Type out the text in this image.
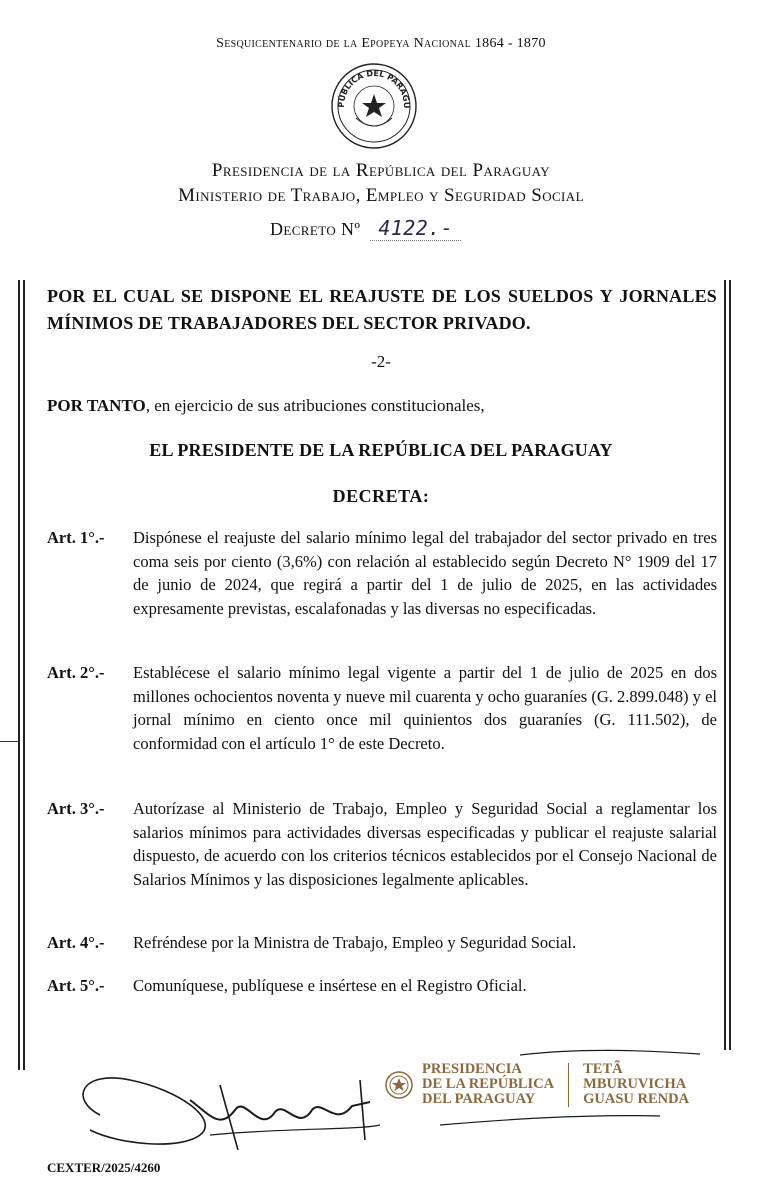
Sesquicentenario de la Epopeya Nacional 1864 - 1870
PÚBLICA DEL PARAGU
Presidencia de la República del Paraguay
Ministerio de Trabajo, Empleo y Seguridad Social
Decreto Nº 4122.-
POR EL CUAL SE DISPONE EL REAJUSTE DE LOS SUELDOS Y JORNALES MÍNIMOS DE TRABAJADORES DEL SECTOR PRIVADO.
-2-
POR TANTO, en ejercicio de sus atribuciones constitucionales,
EL PRESIDENTE DE LA REPÚBLICA DEL PARAGUAY
DECRETA:
Art. 1°.-	Dispónese el reajuste del salario mínimo legal del trabajador del sector privado en tres coma seis por ciento (3,6%) con relación al establecido según Decreto N° 1909 del 17 de junio de 2024, que regirá a partir del 1 de julio de 2025, en las actividades expresamente previstas, escalafonadas y las diversas no especificadas.
Art. 2°.-	Establécese el salario mínimo legal vigente a partir del 1 de julio de 2025 en dos millones ochocientos noventa y nueve mil cuarenta y ocho guaraníes (G. 2.899.048) y el jornal mínimo en ciento once mil quinientos dos guaraníes (G. 111.502), de conformidad con el artículo 1° de este Decreto.
Art. 3°.-	Autorízase al Ministerio de Trabajo, Empleo y Seguridad Social a reglamentar los salarios mínimos para actividades diversas especificadas y publicar el reajuste salarial dispuesto, de acuerdo con los criterios técnicos establecidos por el Consejo Nacional de Salarios Mínimos y las disposiciones legalmente aplicables.
Art. 4°.-	Refréndese por la Ministra de Trabajo, Empleo y Seguridad Social.
Art. 5°.-	Comuníquese, publíquese e insértese en el Registro Oficial.
PRESIDENCIA
DE LA REPÚBLICA
DEL PARAGUAY
TETÃ
MBURUVICHA
GUASU RENDA
CEXTER/2025/4260
